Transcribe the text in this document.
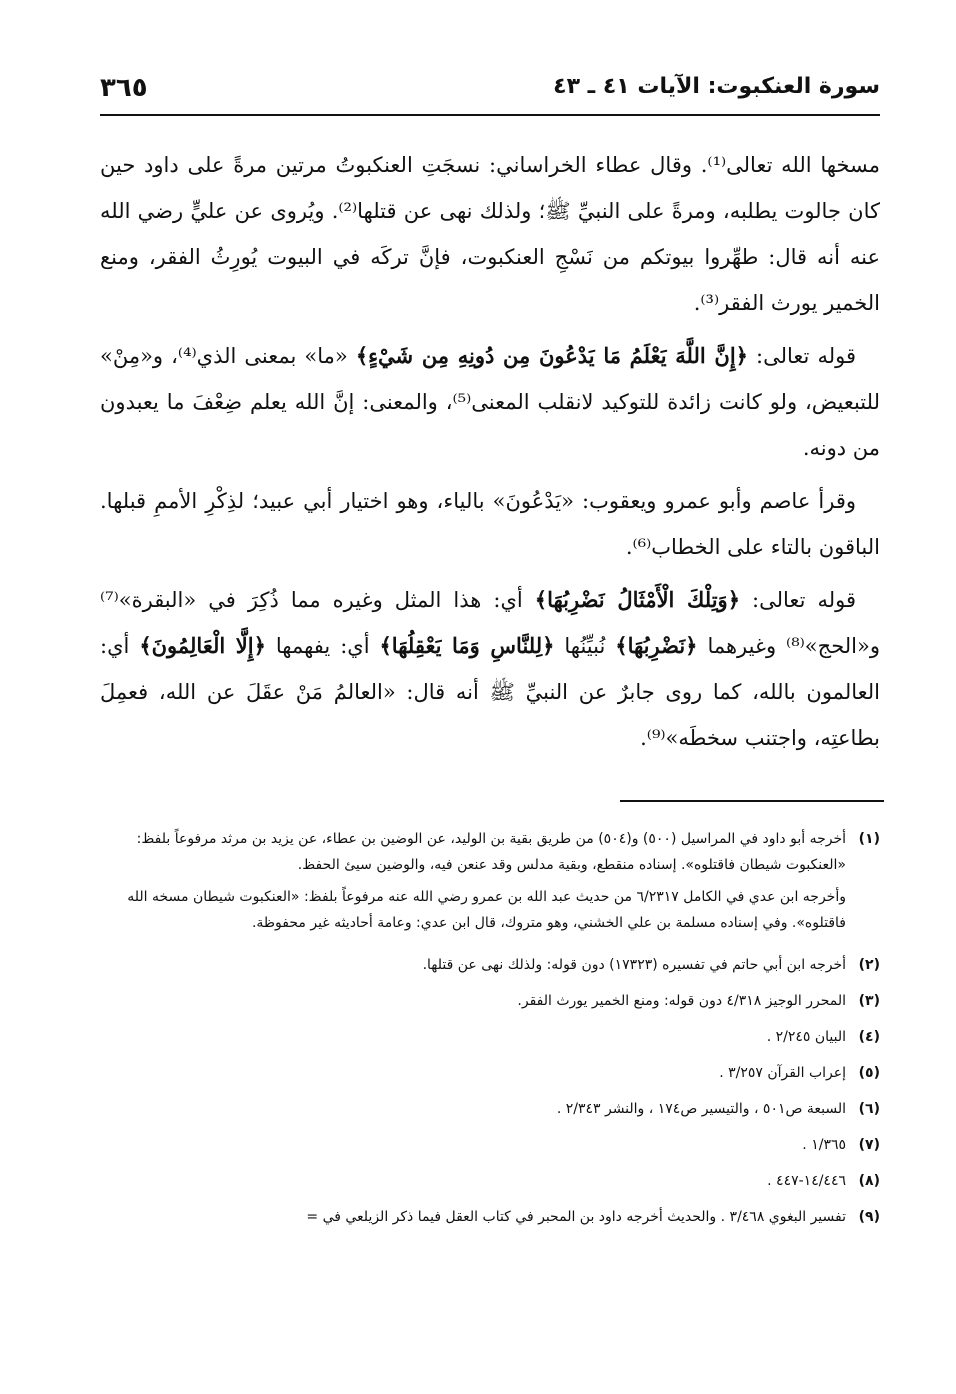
سورة العنكبوت: الآيات ٤١ ـ ٤٣
٣٦٥

مسخها الله تعالى⁽¹⁾. وقال عطاء الخراساني: نسجَتِ العنكبوتُ مرتين مرةً على داود حين كان جالوت يطلبه، ومرةً على النبيِّ ﷺ؛ ولذلك نهى عن قتلها⁽²⁾. ويُروى عن عليٍّ رضي الله عنه أنه قال: طهِّروا بيوتكم من نَسْجِ العنكبوت، فإنَّ تركَه في البيوت يُورِثُ الفقر، ومنع الخمير يورث الفقر⁽³⁾.

قوله تعالى: ﴿إِنَّ اللَّهَ يَعْلَمُ مَا يَدْعُونَ مِن دُونِهِ مِن شَيْءٍ﴾ «ما» بمعنى الذي⁽⁴⁾، و«مِنْ» للتبعيض، ولو كانت زائدة للتوكيد لانقلب المعنى⁽⁵⁾، والمعنى: إنَّ الله يعلم ضِعْفَ ما يعبدون من دونه.

وقرأ عاصم وأبو عمرو ويعقوب: «يَدْعُونَ» بالياء، وهو اختيار أبي عبيد؛ لذِكْرِ الأممِ قبلها. الباقون بالتاء على الخطاب⁽⁶⁾.

قوله تعالى: ﴿وَتِلْكَ الْأَمْثَالُ نَضْرِبُهَا﴾ أي: هذا المثل وغيره مما ذُكِرَ في «البقرة»⁽⁷⁾ و«الحج»⁽⁸⁾ وغيرهما ﴿نَضْرِبُهَا﴾ نُبيِّنُها ﴿لِلنَّاسِ وَمَا يَعْقِلُهَا﴾ أي: يفهمها ﴿إِلَّا الْعَالِمُونَ﴾ أي: العالمون بالله، كما روى جابرٌ عن النبيِّ ﷺ أنه قال: «العالمُ مَنْ عقَلَ عن الله، فعمِلَ بطاعتِه، واجتنب سخطَه»⁽⁹⁾.

(١)

أخرجه أبو داود في المراسيل (٥٠٠) و(٥٠٤) من طريق بقية بن الوليد، عن الوضين بن عطاء، عن يزيد بن مرثد مرفوعاً بلفظ: «العنكبوت شيطان فاقتلوه». إسناده منقطع، وبقية مدلس وقد عنعن فيه، والوضين سيئ الحفظ.

وأخرجه ابن عدي في الكامل ٦/٢٣١٧ من حديث عبد الله بن عمرو رضي الله عنه مرفوعاً بلفظ: «العنكبوت شيطان مسخه الله فاقتلوه». وفي إسناده مسلمة بن علي الخشني، وهو متروك، قال ابن عدي: وعامة أحاديثه غير محفوظة.

(٢)
أخرجه ابن أبي حاتم في تفسيره (١٧٣٢٣) دون قوله: ولذلك نهى عن قتلها.
(٣)
المحرر الوجيز ٤/٣١٨ دون قوله: ومنع الخمير يورث الفقر.
(٤)
البيان ٢/٢٤٥ .
(٥)
إعراب القرآن ٣/٢٥٧ .
(٦)
السبعة ص٥٠١ ، والتيسير ص١٧٤ ، والنشر ٢/٣٤٣ .
(٧)
١/٣٦٥ .
(٨)
١٤/٤٤٦-٤٤٧ .
(٩)
تفسير البغوي ٣/٤٦٨ . والحديث أخرجه داود بن المحبر في كتاب العقل فيما ذكر الزيلعي في =
